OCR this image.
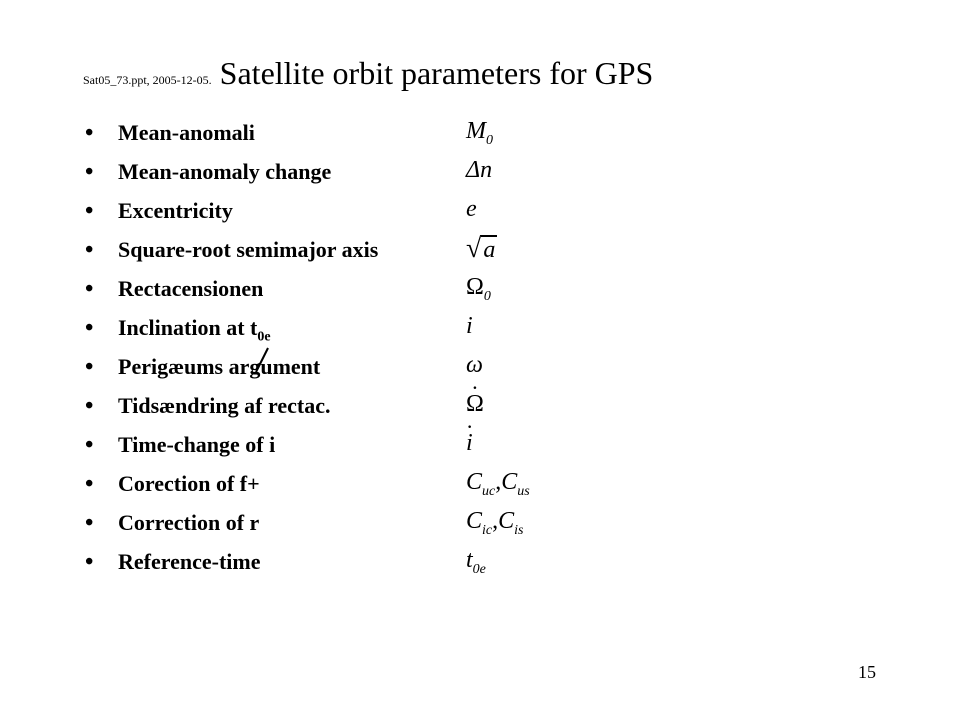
Sat05_73.ppt, 2005-12-05. Satellite orbit parameters for GPS
• Mean-anomali	$M_0$
• Mean-anomaly change	Δn
• Excentricity	e
• Square-root semimajor axis	√ a
• Rectacensionen	$\Omega_0$
• Inclination at $t_{0e}$	i
• Perigæums argument	ω
• Tidsændring af rectac.	· Ω
• Time-change of i	· i
• Corection of f+	$C_{uc},C_{us}$
• Correction of r	$C_{ic},C_{is}$
• Reference-time	$t_{0e}$
15
